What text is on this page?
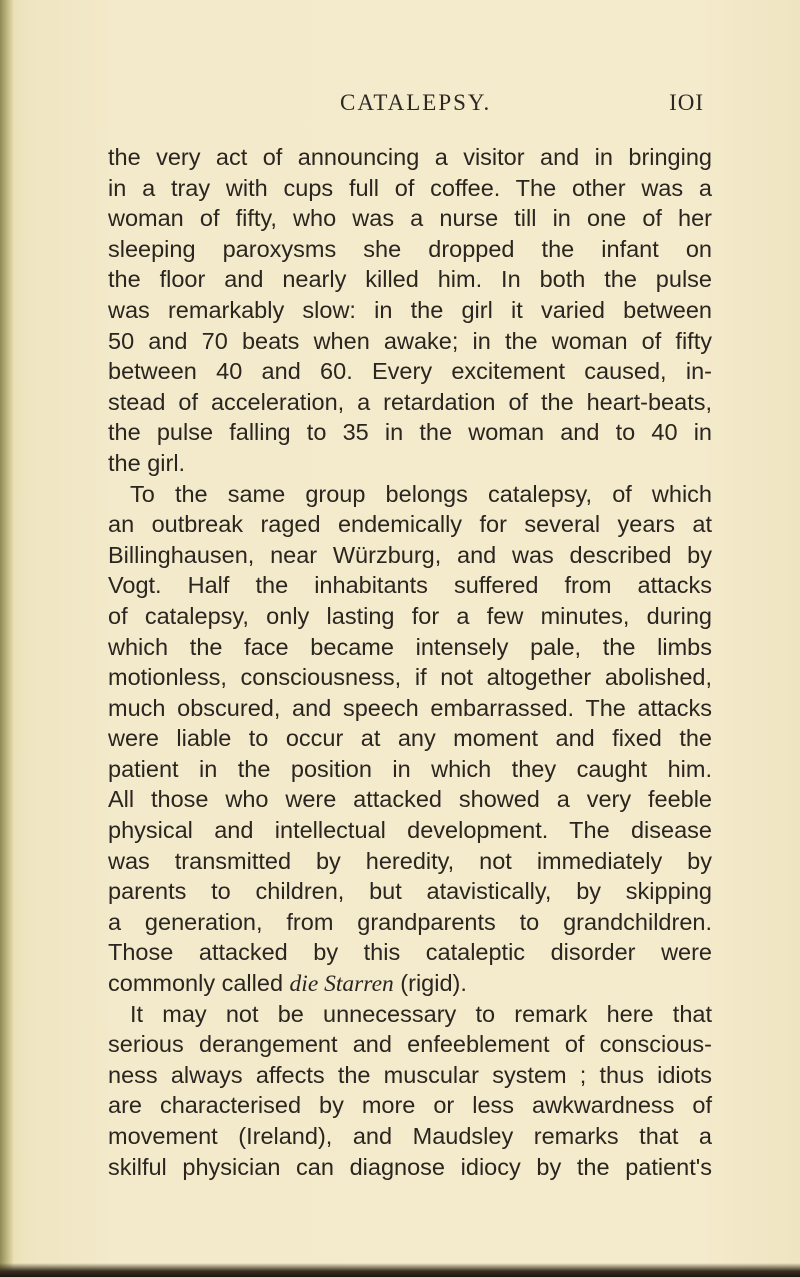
CATALEPSY.	IOI
the very act of announcing a visitor and in bringing
in a tray with cups full of coffee. The other was a
woman of fifty, who was a nurse till in one of her
sleeping paroxysms she dropped the infant on
the floor and nearly killed him. In both the pulse
was remarkably slow: in the girl it varied between
50 and 70 beats when awake; in the woman of fifty
between 40 and 60. Every excitement caused, in-
stead of acceleration, a retardation of the heart-beats,
the pulse falling to 35 in the woman and to 40 in
the girl.
To the same group belongs catalepsy, of which
an outbreak raged endemically for several years at
Billinghausen, near Würzburg, and was described by
Vogt. Half the inhabitants suffered from attacks
of catalepsy, only lasting for a few minutes, during
which the face became intensely pale, the limbs
motionless, consciousness, if not altogether abolished,
much obscured, and speech embarrassed. The attacks
were liable to occur at any moment and fixed the
patient in the position in which they caught him.
All those who were attacked showed a very feeble
physical and intellectual development. The disease
was transmitted by heredity, not immediately by
parents to children, but atavistically, by skipping
a generation, from grandparents to grandchildren.
Those attacked by this cataleptic disorder were
commonly called die Starren (rigid).
It may not be unnecessary to remark here that
serious derangement and enfeeblement of conscious-
ness always affects the muscular system ; thus idiots
are characterised by more or less awkwardness of
movement (Ireland), and Maudsley remarks that a
skilful physician can diagnose idiocy by the patient's
